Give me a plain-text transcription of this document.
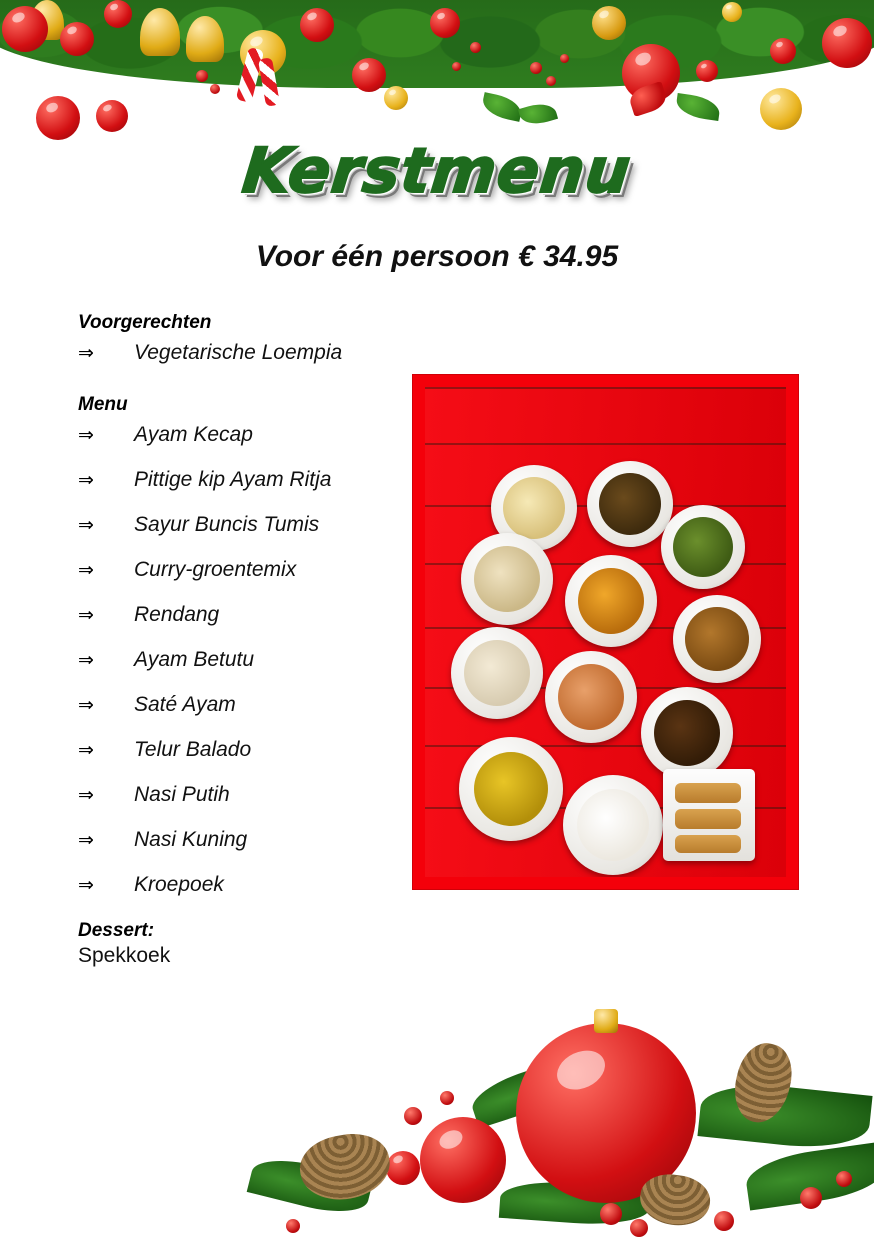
Kerstmenu
Voor één persoon € 34.95
Voorgerechten
⇒	Vegetarische Loempia
Menu
⇒	Ayam Kecap
⇒	Pittige kip Ayam Ritja
⇒	Sayur Buncis Tumis
⇒	Curry-groentemix
⇒	Rendang
⇒	Ayam Betutu
⇒	Saté Ayam
⇒	Telur Balado
⇒	Nasi Putih
⇒	Nasi Kuning
⇒	Kroepoek
Dessert:
Spekkoek
